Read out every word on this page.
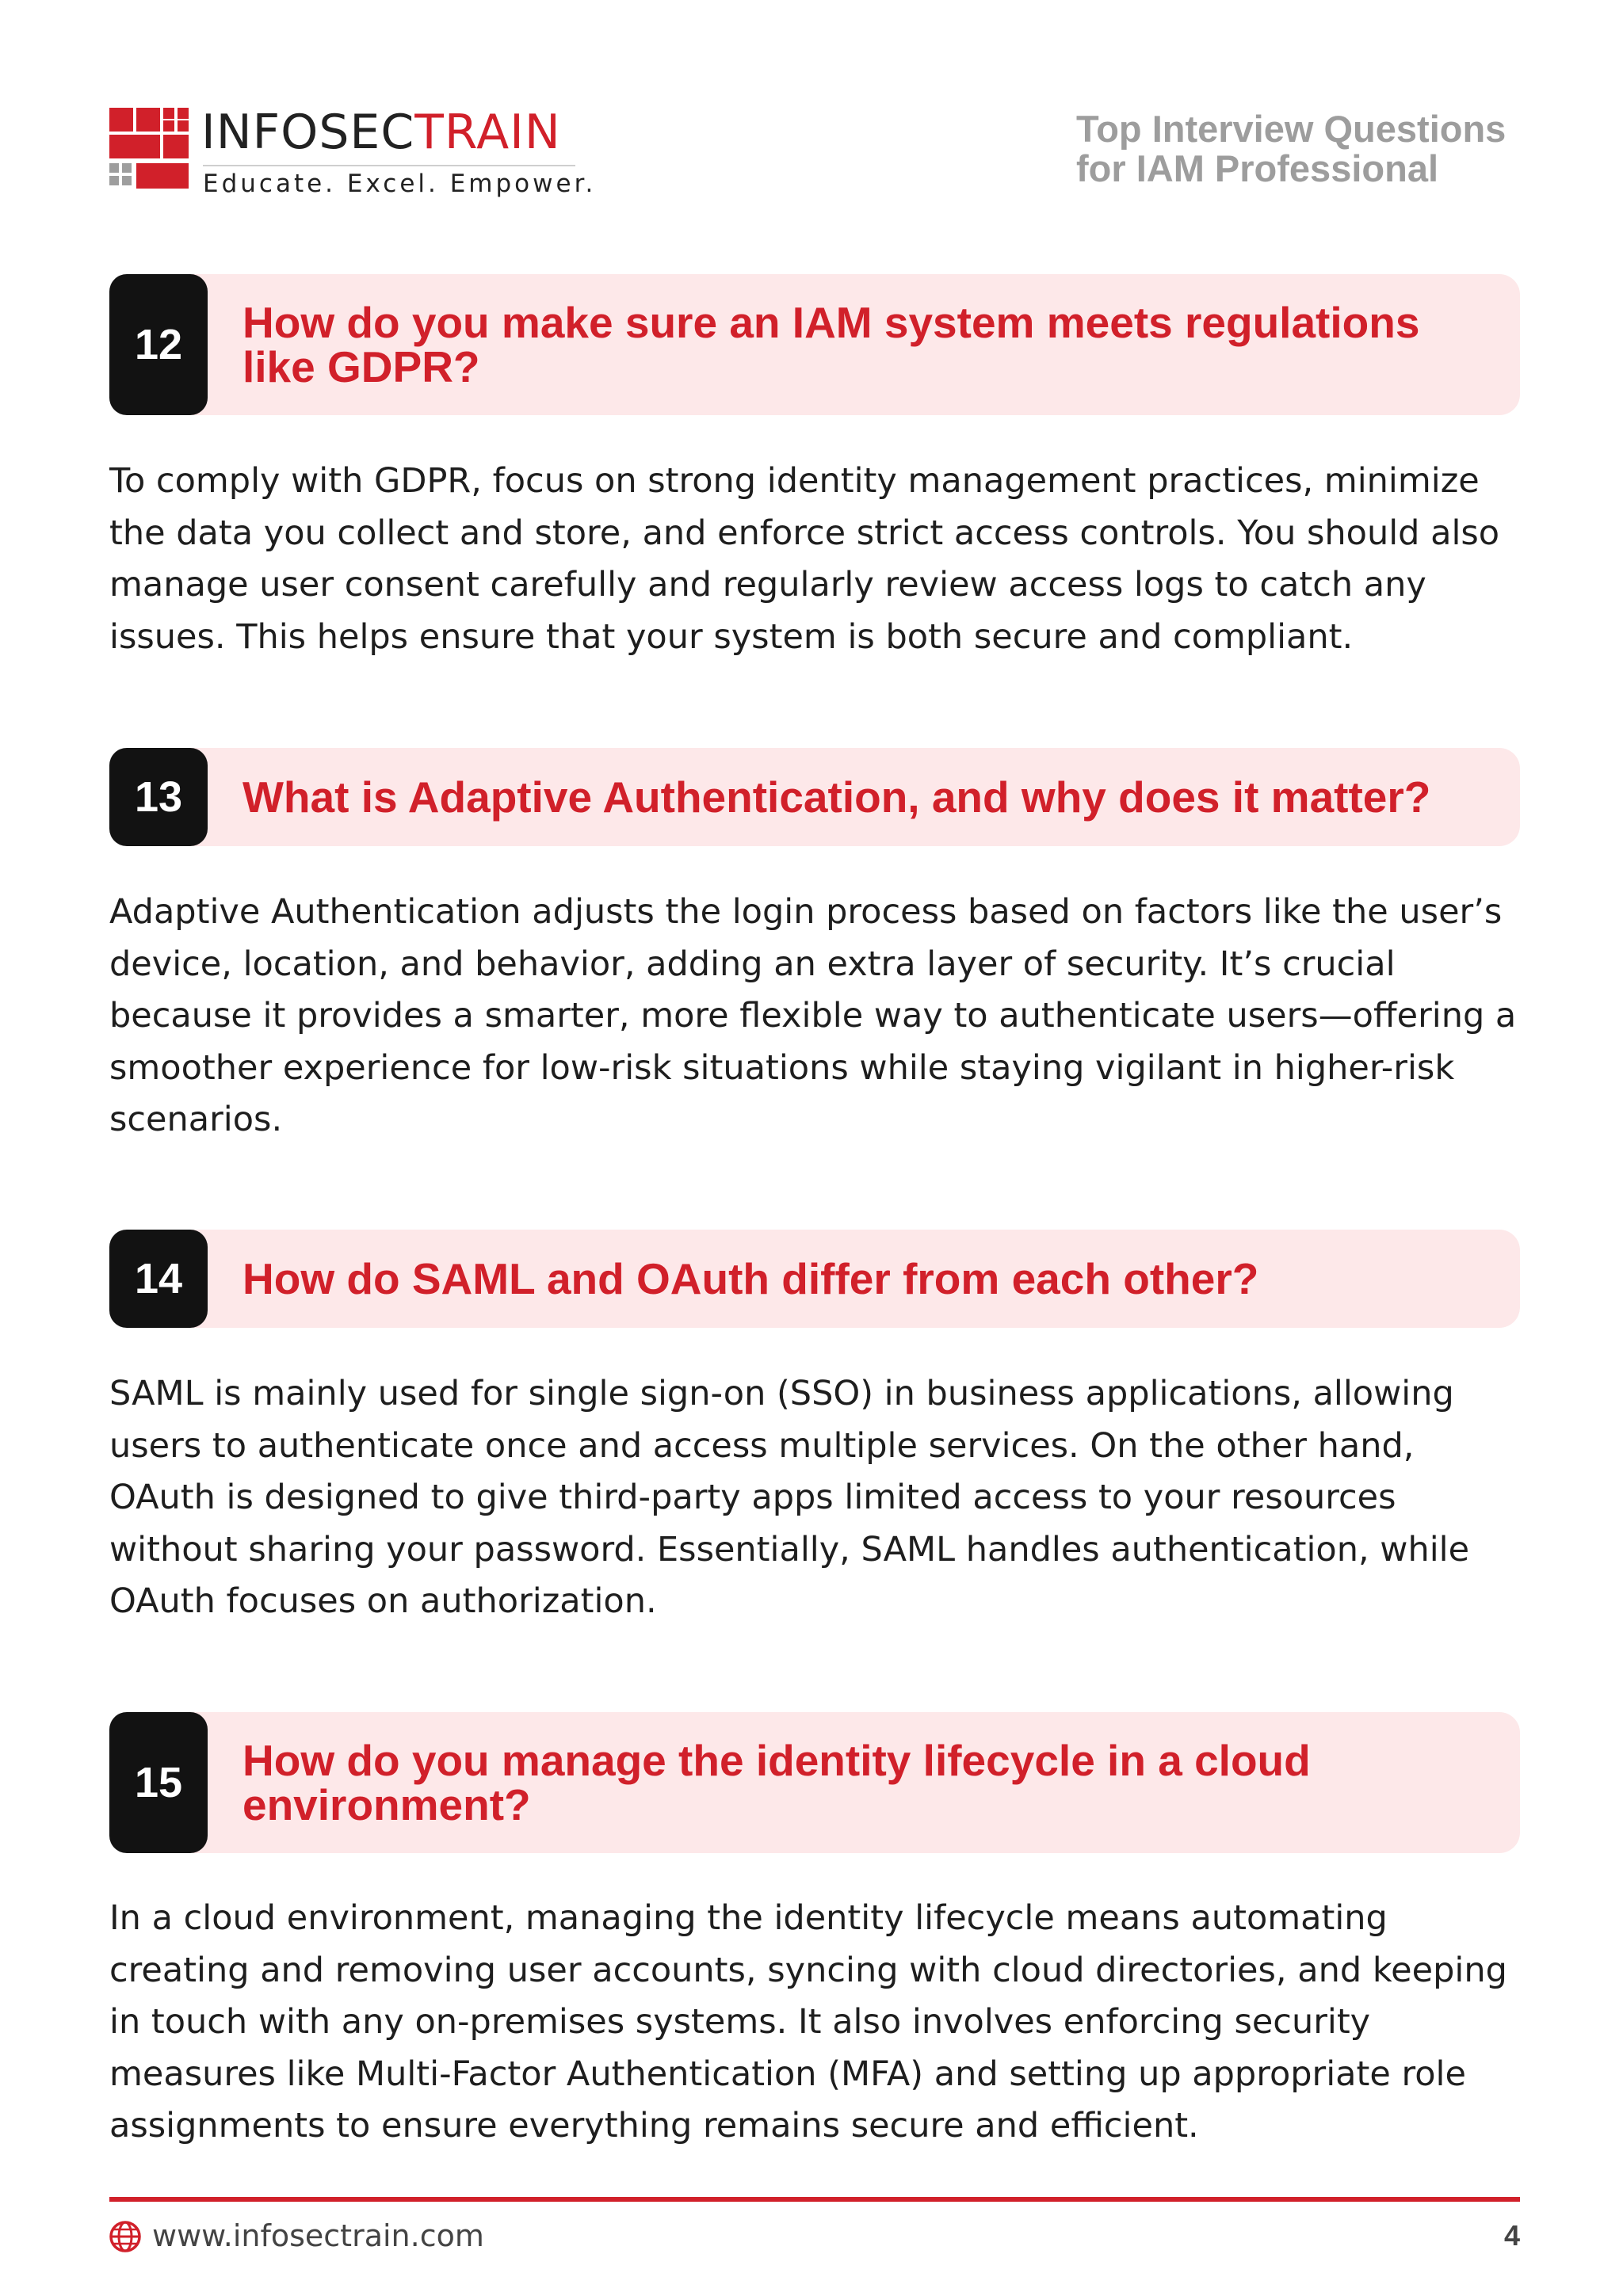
INFOSECTRAIN
Educate. Excel. Empower.
Top Interview Questions
for IAM Professional
12	How do you make sure an IAM system meets regulations like GDPR?

To comply with GDPR, focus on strong identity management practices, minimize the data you collect and store, and enforce strict access controls. You should also manage user consent carefully and regularly review access logs to catch any issues. This helps ensure that your system is both secure and compliant.

13	What is Adaptive Authentication, and why does it matter?

Adaptive Authentication adjusts the login process based on factors like the user’s device, location, and behavior, adding an extra layer of security. It’s crucial because it provides a smarter, more flexible way to authenticate users—offering a smoother experience for low-risk situations while staying vigilant in higher-risk scenarios.

14	How do SAML and OAuth differ from each other?

SAML is mainly used for single sign-on (SSO) in business applications, allowing users to authenticate once and access multiple services. On the other hand, OAuth is designed to give third-party apps limited access to your resources without sharing your password. Essentially, SAML handles authentication, while OAuth focuses on authorization.

15	How do you manage the identity lifecycle in a cloud environment?

In a cloud environment, managing the identity lifecycle means automating creating and removing user accounts, syncing with cloud directories, and keeping in touch with any on-premises systems. It also involves enforcing security measures like Multi-Factor Authentication (MFA) and setting up appropriate role assignments to ensure everything remains secure and efficient.

www.infosectrain.com	4
